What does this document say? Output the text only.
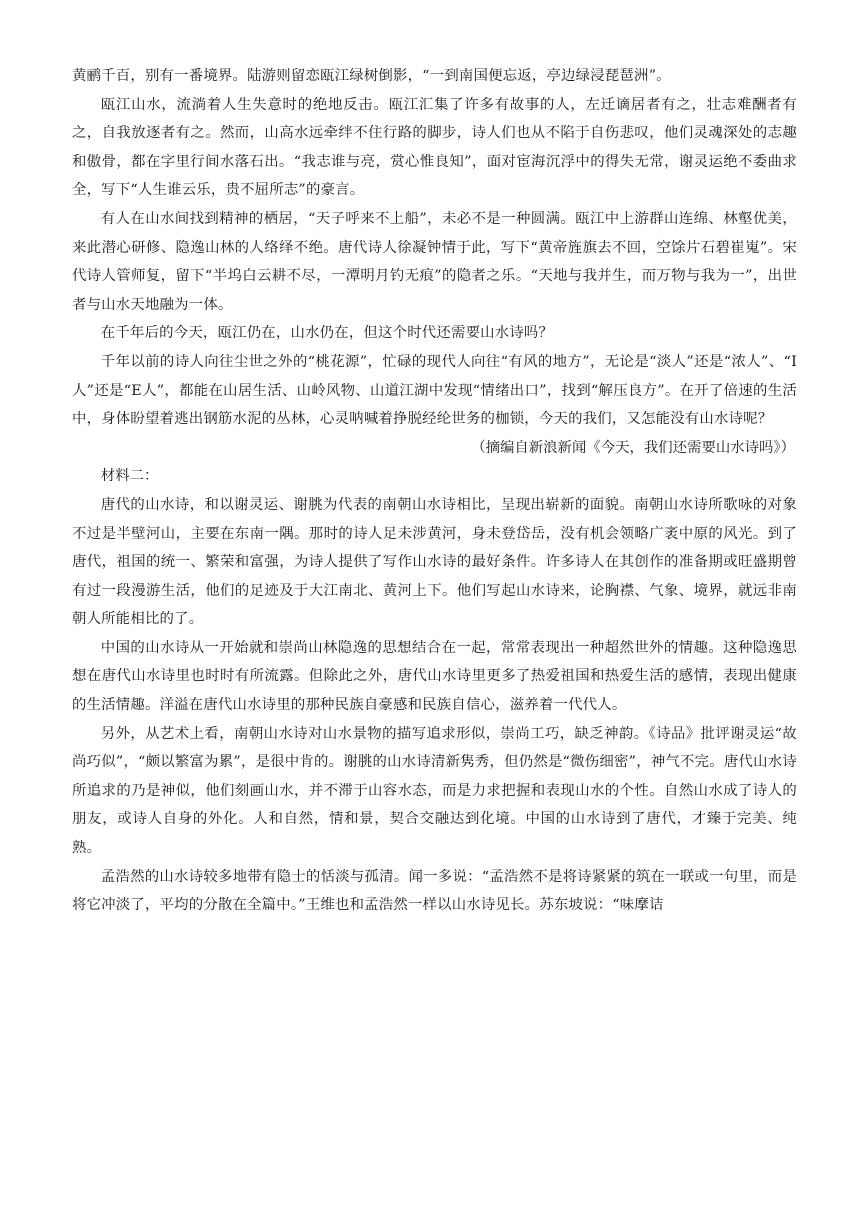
黄鹂千百，别有一番境界。陆游则留恋瓯江绿树倒影，“一到南国便忘返，亭边绿浸琵琶洲”。

瓯江山水，流淌着人生失意时的绝地反击。瓯江汇集了许多有故事的人，左迁谪居者有之，壮志难酬者有之，自我放逐者有之。然而，山高水远牵绊不住行路的脚步，诗人们也从不陷于自伤悲叹，他们灵魂深处的志趣和傲骨，都在字里行间水落石出。“我志谁与亮，赏心惟良知”，面对宦海沉浮中的得失无常，谢灵运绝不委曲求全，写下“人生谁云乐，贵不屈所志”的豪言。

有人在山水间找到精神的栖居，“天子呼来不上船”，未必不是一种圆满。瓯江中上游群山连绵、林壑优美，来此潜心研修、隐逸山林的人络绎不绝。唐代诗人徐凝钟情于此，写下“黄帝旌旗去不回，空馀片石碧崔嵬”。宋代诗人管师复，留下“半坞白云耕不尽，一潭明月钓无痕”的隐者之乐。“天地与我并生，而万物与我为一”，出世者与山水天地融为一体。

在千年后的今天，瓯江仍在，山水仍在，但这个时代还需要山水诗吗？

千年以前的诗人向往尘世之外的“桃花源”，忙碌的现代人向往“有风的地方”，无论是“淡人”还是“浓人”、“I人”还是“E人”，都能在山居生活、山岭风物、山道江湖中发现“情绪出口”，找到“解压良方”。在开了倍速的生活中，身体盼望着逃出钢筋水泥的丛林，心灵呐喊着挣脱经纶世务的枷锁，今天的我们，又怎能没有山水诗呢？

（摘编自新浪新闻《今天，我们还需要山水诗吗》）

材料二：

唐代的山水诗，和以谢灵运、谢朓为代表的南朝山水诗相比，呈现出崭新的面貌。南朝山水诗所歌咏的对象不过是半壁河山，主要在东南一隅。那时的诗人足未涉黄河，身未登岱岳，没有机会领略广袤中原的风光。到了唐代，祖国的统一、繁荣和富强，为诗人提供了写作山水诗的最好条件。许多诗人在其创作的准备期或旺盛期曾有过一段漫游生活，他们的足迹及于大江南北、黄河上下。他们写起山水诗来，论胸襟、气象、境界，就远非南朝人所能相比的了。

中国的山水诗从一开始就和崇尚山林隐逸的思想结合在一起，常常表现出一种超然世外的情趣。这种隐逸思想在唐代山水诗里也时时有所流露。但除此之外，唐代山水诗里更多了热爱祖国和热爱生活的感情，表现出健康的生活情趣。洋溢在唐代山水诗里的那种民族自豪感和民族自信心，滋养着一代代人。

另外，从艺术上看，南朝山水诗对山水景物的描写追求形似，崇尚工巧，缺乏神韵。《诗品》批评谢灵运“故尚巧似”，“颇以繁富为累”，是很中肯的。谢朓的山水诗清新隽秀，但仍然是“微伤细密”，神气不完。唐代山水诗所追求的乃是神似，他们刻画山水，并不滞于山容水态，而是力求把握和表现山水的个性。自然山水成了诗人的朋友，或诗人自身的外化。人和自然，情和景，契合交融达到化境。中国的山水诗到了唐代，才臻于完美、纯熟。

孟浩然的山水诗较多地带有隐士的恬淡与孤清。闻一多说：“孟浩然不是将诗紧紧的筑在一联或一句里，而是将它冲淡了，平均的分散在全篇中。”王维也和孟浩然一样以山水诗见长。苏东坡说：“味摩诘
